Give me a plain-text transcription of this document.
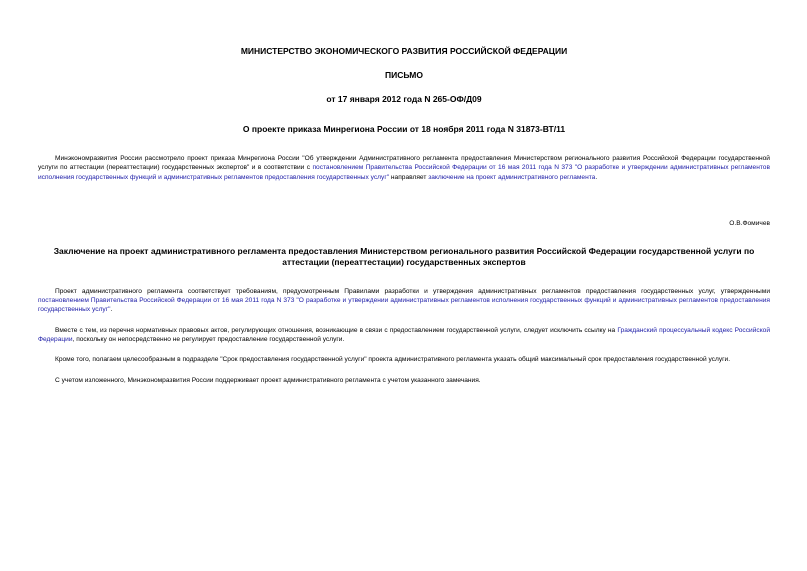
МИНИСТЕРСТВО ЭКОНОМИЧЕСКОГО РАЗВИТИЯ РОССИЙСКОЙ ФЕДЕРАЦИИ
ПИСЬМО
от 17 января 2012 года N 265-ОФ/Д09
О проекте приказа Минрегиона России от 18 ноября 2011 года N 31873-ВТ/11

Минэкономразвития России рассмотрело проект приказа Минрегиона России "Об утверждении Административного регламента предоставления Министерством регионального развития Российской Федерации государственной услуги по аттестации (переаттестации) государственных экспертов" и в соответствии с постановлением Правительства Российской Федерации от 16 мая 2011 года N 373 "О разработке и утверждении административных регламентов исполнения государственных функций и административных регламентов предоставления государственных услуг" направляет заключение на проект административного регламента.

О.В.Фомичев
Заключение на проект административного регламента предоставления Министерством регионального развития Российской Федерации государственной услуги по аттестации (переаттестации) государственных экспертов

Проект административного регламента соответствует требованиям, предусмотренным Правилами разработки и утверждения административных регламентов предоставления государственных услуг, утвержденными постановлением Правительства Российской Федерации от 16 мая 2011 года N 373 "О разработке и утверждении административных регламентов исполнения государственных функций и административных регламентов предоставления государственных услуг".

Вместе с тем, из перечня нормативных правовых актов, регулирующих отношения, возникающие в связи с предоставлением государственной услуги, следует исключить ссылку на Гражданский процессуальный кодекс Российской Федерации, поскольку он непосредственно не регулирует предоставление государственной услуги.

Кроме того, полагаем целесообразным в подразделе "Срок предоставления государственной услуги" проекта административного регламента указать общий максимальный срок предоставления государственной услуги.

С учетом изложенного, Минэкономразвития России поддерживает проект административного регламента с учетом указанного замечания.
